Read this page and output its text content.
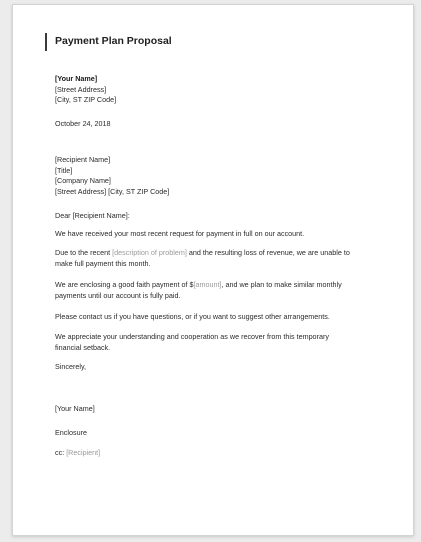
Payment Plan Proposal
[Your Name]
[Street Address]
[City, ST ZIP Code]
October 24, 2018
[Recipient Name]
[Title]
[Company Name]
[Street Address] [City, ST ZIP Code]
Dear [Recipient Name]:
We have received your most recent request for payment in full on our account.
Due to the recent [description of problem] and the resulting loss of revenue, we are unable to make full payment this month.
We are enclosing a good faith payment of $[amount], and we plan to make similar monthly payments until our account is fully paid.
Please contact us if you have questions, or if you want to suggest other arrangements.
We appreciate your understanding and cooperation as we recover from this temporary financial setback.
Sincerely,
[Your Name]
Enclosure
cc: [Recipient]
